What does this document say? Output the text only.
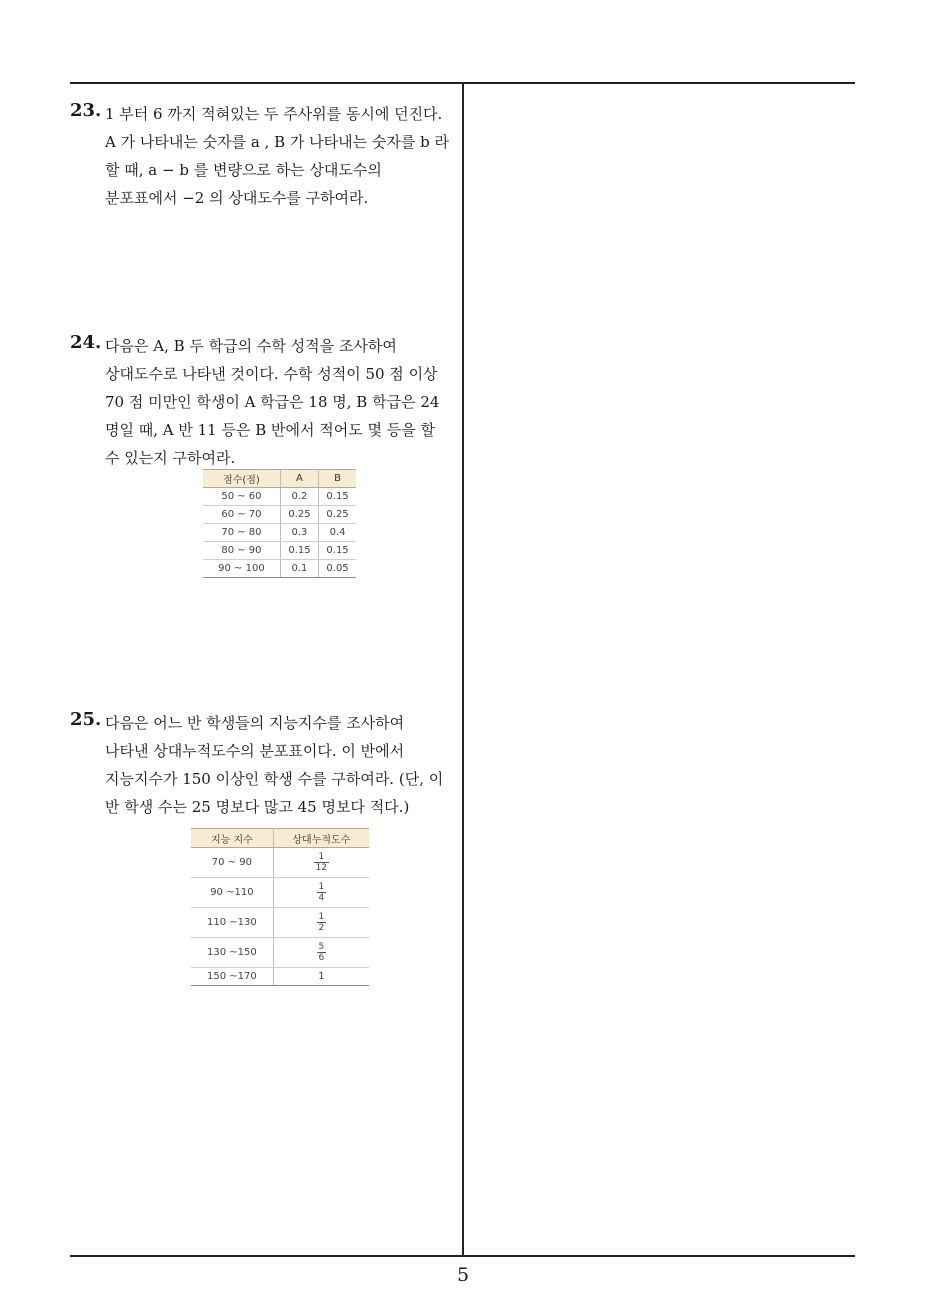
23. 1 부터 6 까지 적혀있는 두 주사위를 동시에 던진다.
A 가 나타내는 숫자를 a , B 가 나타내는 숫자를 b 라
할 때, a − b 를 변량으로 하는 상대도수의
분포표에서 −2 의 상대도수를 구하여라.
24. 다음은 A, B 두 학급의 수학 성적을 조사하여
상대도수로 나타낸 것이다. 수학 성적이 50 점 이상
70 점 미만인 학생이 A 학급은 18 명, B 학급은 24
명일 때, A 반 11 등은 B 반에서 적어도 몇 등을 할
수 있는지 구하여라.
점수(점)	A	B
50 ~ 60	0.2	0.15
60 ~ 70	0.25	0.25
70 ~ 80	0.3	0.4
80 ~ 90	0.15	0.15
90 ~ 100	0.1	0.05
25. 다음은 어느 반 학생들의 지능지수를 조사하여
나타낸 상대누적도수의 분포표이다. 이 반에서
지능지수가 150 이상인 학생 수를 구하여라. (단, 이
반 학생 수는 25 명보다 많고 45 명보다 적다.)
지능 지수	상대누적도수
70 ~ 90	$\frac{1}{12}$

90 ~110	$\frac{1}{4}$

110 ~130	$\frac{1}{2}$

130 ~150	$\frac{5}{6}$

150 ~170	1
5
